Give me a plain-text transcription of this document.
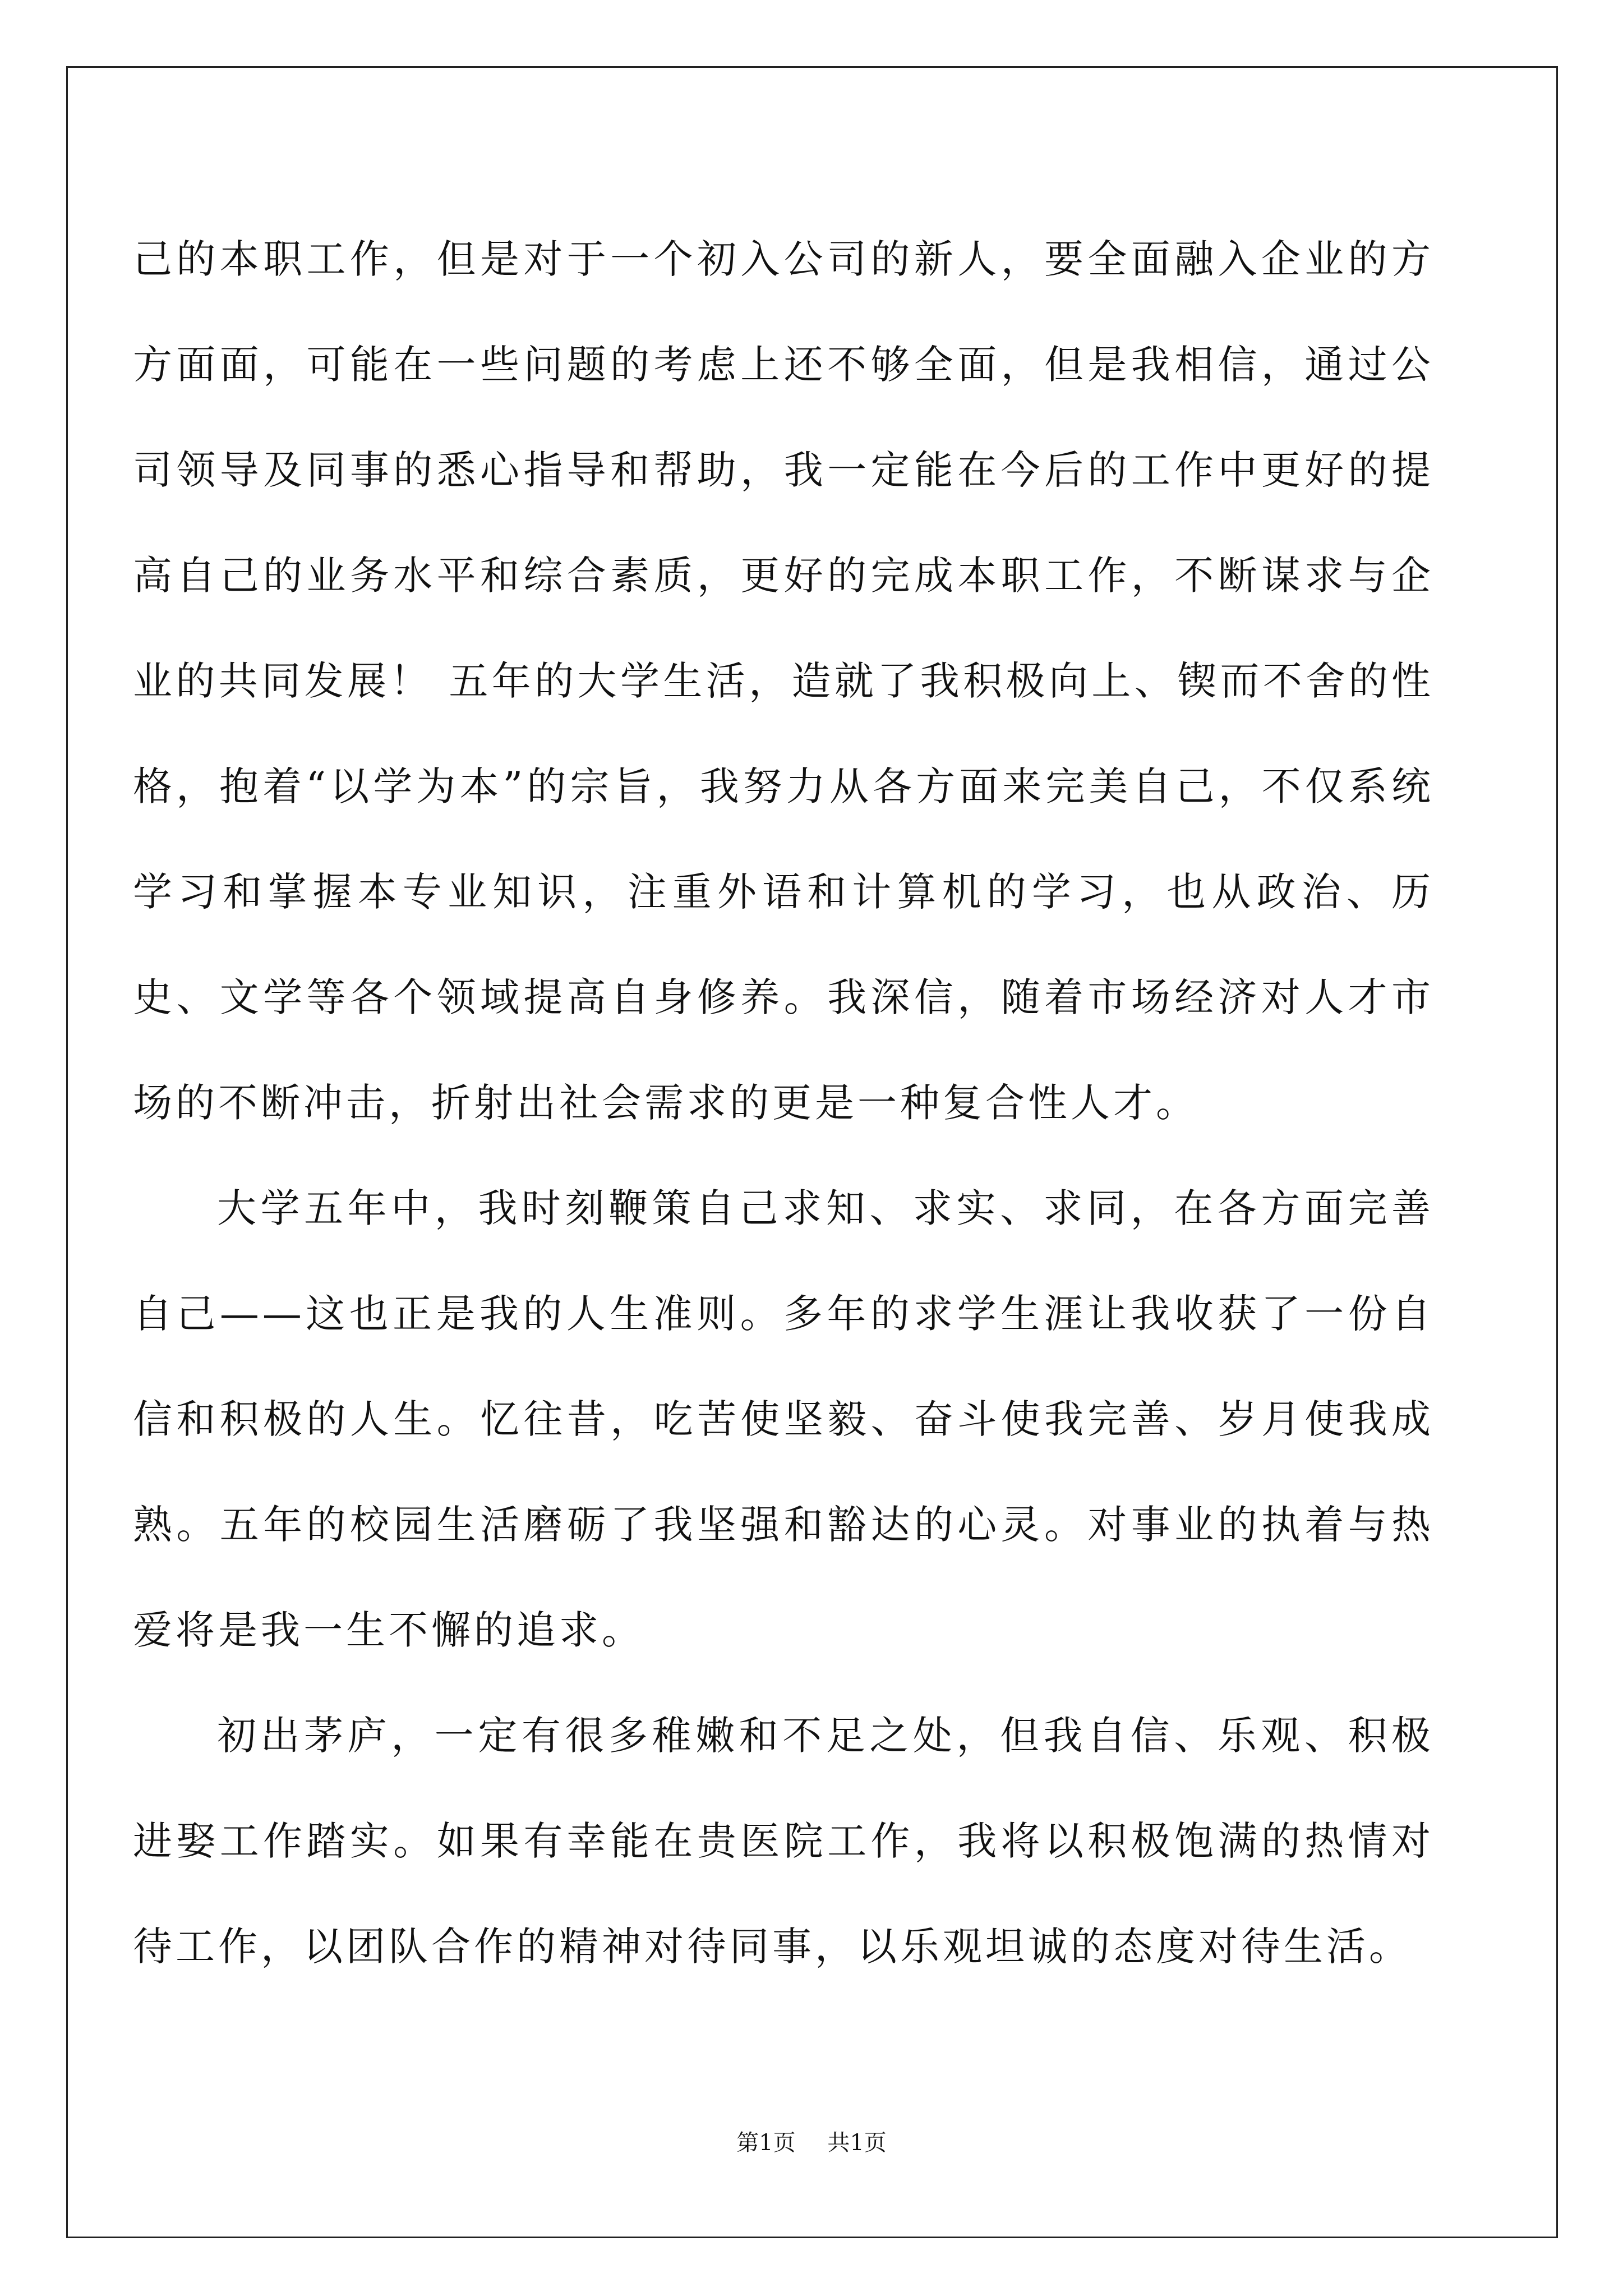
己的本职工作，但是对于一个初入公司的新人，要全面融入企业的方方面面，可能在一些问题的考虑上还不够全面，但是我相信，通过公司领导及同事的悉心指导和帮助，我一定能在今后的工作中更好的提高自己的业务水平和综合素质，更好的完成本职工作，不断谋求与企业的共同发展！ 五年的大学生活，造就了我积极向上、锲而不舍的性格，抱着“以学为本”的宗旨，我努力从各方面来完美自己，不仅系统学习和掌握本专业知识，注重外语和计算机的学习，也从政治、历史、文学等各个领域提高自身修养。我深信，随着市场经济对人才市场的不断冲击，折射出社会需求的更是一种复合性人才。

大学五年中，我时刻鞭策自己求知、求实、求同，在各方面完善自己——这也正是我的人生准则。多年的求学生涯让我收获了一份自信和积极的人生。忆往昔，吃苦使坚毅、奋斗使我完善、岁月使我成熟。五年的校园生活磨砺了我坚强和豁达的心灵。对事业的执着与热爱将是我一生不懈的追求。

初出茅庐，一定有很多稚嫩和不足之处，但我自信、乐观、积极进娶工作踏实。如果有幸能在贵医院工作，我将以积极饱满的热情对待工作，以团队合作的精神对待同事，以乐观坦诚的态度对待生活。

第1页 共1页
